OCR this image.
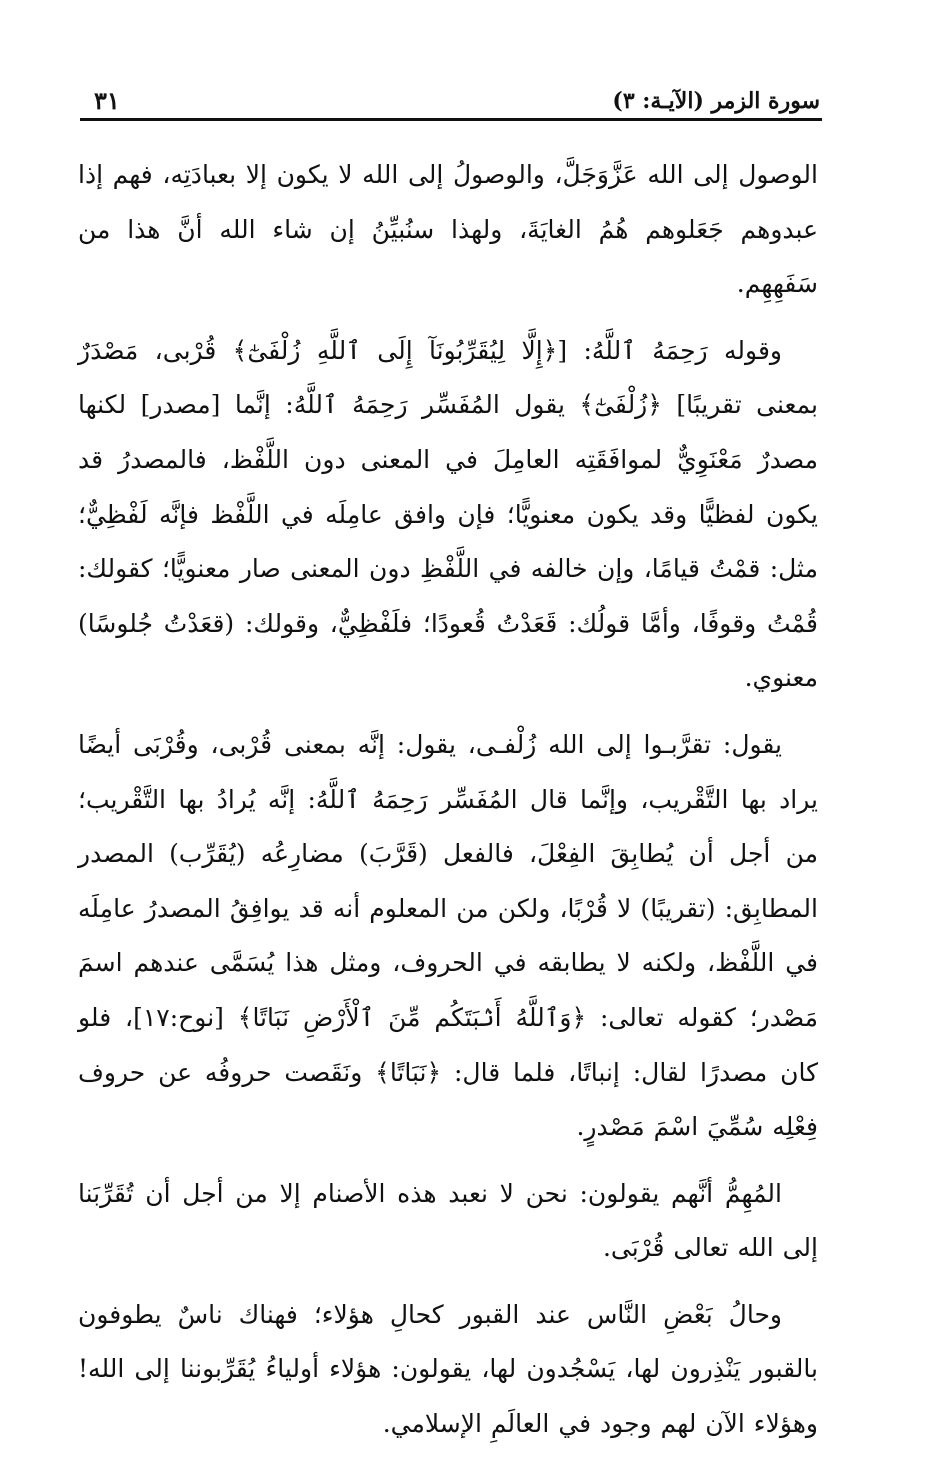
سورة الزمر (الآيـة: ٣)
٣١

الوصول إلى الله عَزَّوَجَلَّ، والوصولُ إلى الله لا يكون إلا بعبادَتِه، فهم إذا عبدوهم جَعَلوهم هُمُ الغايَةَ، ولهذا سنُبيِّنُ إن شاء الله أنَّ هذا من سَفَهِهِم.

وقوله رَحِمَهُ ٱللَّهُ: [﴿إِلَّا لِيُقَرِّبُونَآ إِلَى ٱللَّهِ زُلْفَىٰٓ﴾ قُرْبى، مَصْدَرٌ بمعنى تقريبًا] ﴿زُلْفَىٰٓ﴾ يقول المُفَسِّر رَحِمَهُ ٱللَّهُ: إنَّما [مصدر] لكنها مصدرٌ مَعْنَوِيٌّ لموافَقَتِه العامِلَ في المعنى دون اللَّفْظ، فالمصدرُ قد يكون لفظيًّا وقد يكون معنويًّا؛ فإن وافق عامِلَه في اللَّفْظ فإنَّه لَفْظِيٌّ؛ مثل: قمْتُ قيامًا، وإن خالفه في اللَّفْظِ دون المعنى صار معنويًّا؛ كقولك: قُمْتُ وقوفًا، وأمَّا قولُك: قَعَدْتُ قُعودًا؛ فلَفْظِيٌّ، وقولك: (قعَدْتُ جُلوسًا) معنوي.

يقول: تقرَّبـوا إلى الله زُلْفـى، يقول: إنَّه بمعنى قُرْبى، وقُرْبَى أيضًا يراد بها التَّقْريب، وإنَّما قال المُفَسِّر رَحِمَهُ ٱللَّهُ: إنَّه يُرادُ بها التَّقْريب؛ من أجل أن يُطابِقَ الفِعْلَ، فالفعل (قَرَّبَ) مضارِعُه (يُقَرِّب) المصدر المطابِق: (تقريبًا) لا قُرْبًا، ولكن من المعلوم أنه قد يوافِقُ المصدرُ عامِلَه في اللَّفْظ، ولكنه لا يطابقه في الحروف، ومثل هذا يُسَمَّى عندهم اسمَ مَصْدر؛ كقوله تعالى: ﴿وَٱللَّهُ أَنۢبَتَكُم مِّنَ ٱلْأَرْضِ نَبَاتًا﴾ [نوح:١٧]، فلو كان مصدرًا لقال: إنباتًا، فلما قال: ﴿نَبَاتًا﴾ ونَقَصت حروفُه عن حروف فِعْلِه سُمِّيَ اسْمَ مَصْدرٍ.

المُهِمُّ أنَّهم يقولون: نحن لا نعبد هذه الأصنام إلا من أجل أن تُقَرِّبَنا إلى الله تعالى قُرْبَى.

وحالُ بَعْضِ النَّاس عند القبور كحالِ هؤلاء؛ فهناك ناسٌ يطوفون بالقبور يَنْذِرون لها، يَسْجُدون لها، يقولون: هؤلاء أولياءُ يُقَرِّبوننا إلى الله! وهؤلاء الآن لهم وجود في العالَمِ الإسلامي.
